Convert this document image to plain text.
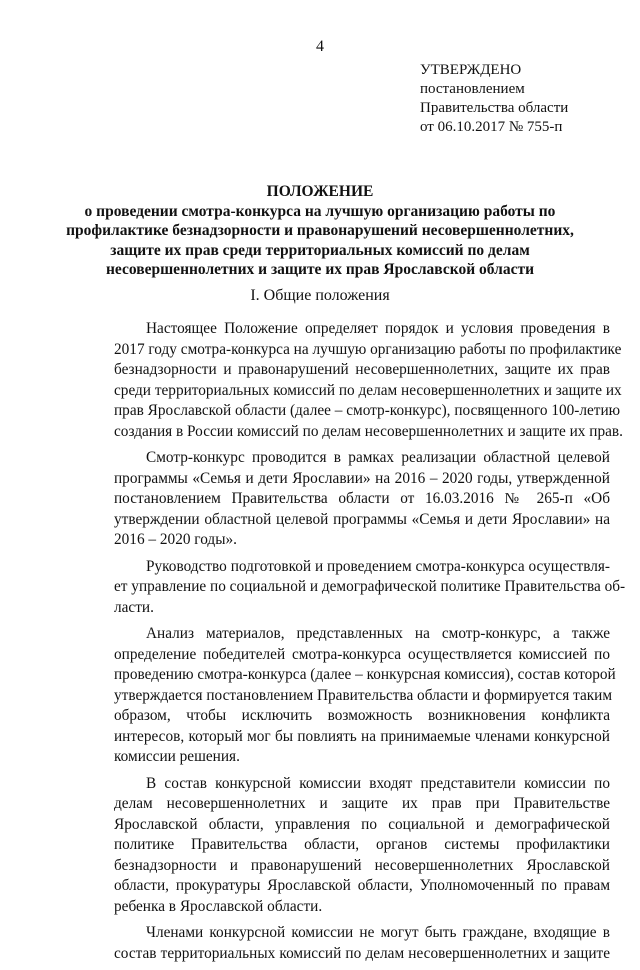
4
УТВЕРЖДЕНО
постановлением
Правительства области
от 06.10.2017 № 755-п
ПОЛОЖЕНИЕ
о проведении смотра-конкурса на лучшую организацию работы по
профилактике безнадзорности и правонарушений несовершеннолетних,
защите их прав среди территориальных комиссий по делам
несовершеннолетних и защите их прав Ярославской области
I. Общие положения
Настоящее Положение определяет порядок и условия проведения в
2017 году смотра-конкурса на лучшую организацию работы по профилактике
безнадзорности и правонарушений несовершеннолетних, защите их прав
среди территориальных комиссий по делам несовершеннолетних и защите их
прав Ярославской области (далее – смотр-конкурс), посвященного 100-летию
создания в России комиссий по делам несовершеннолетних и защите их прав.
Смотр-конкурс проводится в рамках реализации областной целевой
программы «Семья и дети Ярославии» на 2016 – 2020 годы, утвержденной
постановлением Правительства области от 16.03.2016 № 265-п «Об
утверждении областной целевой программы «Семья и дети Ярославии» на
2016 – 2020 годы».
Руководство подготовкой и проведением смотра-конкурса осуществля-
ет управление по социальной и демографической политике Правительства об-
ласти.
Анализ материалов, представленных на смотр-конкурс, а также
определение победителей смотра-конкурса осуществляется комиссией по
проведению смотра-конкурса (далее – конкурсная комиссия), состав которой
утверждается постановлением Правительства области и формируется таким
образом, чтобы исключить возможность возникновения конфликта
интересов, который мог бы повлиять на принимаемые членами конкурсной
комиссии решения.
В состав конкурсной комиссии входят представители комиссии по
делам несовершеннолетних и защите их прав при Правительстве
Ярославской области, управления по социальной и демографической
политике Правительства области, органов системы профилактики
безнадзорности и правонарушений несовершеннолетних Ярославской
области, прокуратуры Ярославской области, Уполномоченный по правам
ребенка в Ярославской области.
Членами конкурсной комиссии не могут быть граждане, входящие в
состав территориальных комиссий по делам несовершеннолетних и защите
